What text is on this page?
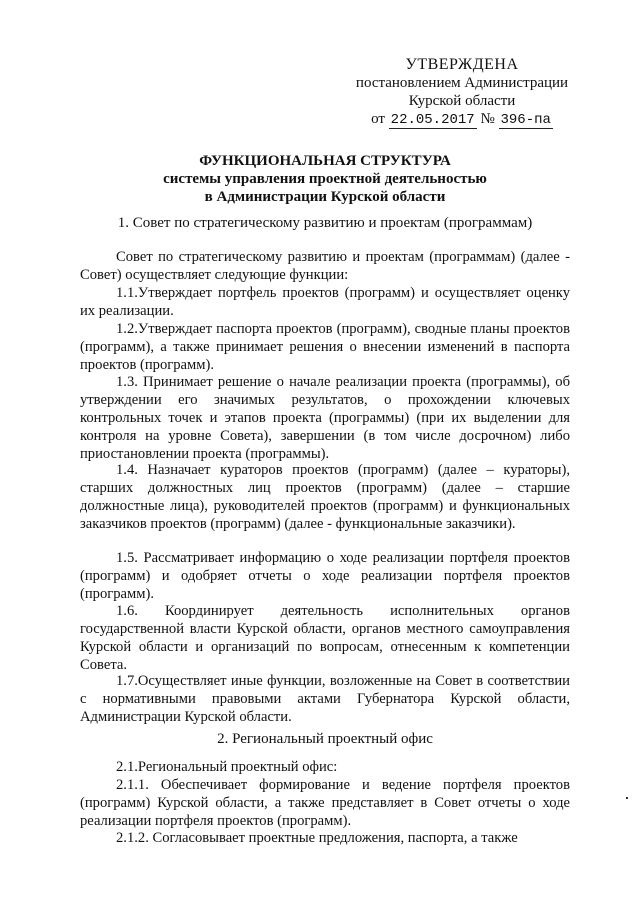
УТВЕРЖДЕНА
постановлением Администрации
Курской области
от 22.05.2017 № 396-па
ФУНКЦИОНАЛЬНАЯ СТРУКТУРА
системы управления проектной деятельностью
в Администрации Курской области
1. Совет по стратегическому развитию и проектам (программам)

Совет по стратегическому развитию и проектам (программам) (далее - Совет) осуществляет следующие функции:

1.1.Утверждает портфель проектов (программ) и осуществляет оценку их реализации.

1.2.Утверждает паспорта проектов (программ), сводные планы проектов (программ), а также принимает решения о внесении изменений в паспорта проектов (программ).

1.3. Принимает решение о начале реализации проекта (программы), об утверждении его значимых результатов, о прохождении ключевых контрольных точек и этапов проекта (программы) (при их выделении для контроля на уровне Совета), завершении (в том числе досрочном) либо приостановлении проекта (программы).

1.4. Назначает кураторов проектов (программ) (далее – кураторы), старших должностных лиц проектов (программ) (далее – старшие должностные лица), руководителей проектов (программ) и функциональных заказчиков проектов (программ) (далее - функциональные заказчики).

1.5. Рассматривает информацию о ходе реализации портфеля проектов (программ) и одобряет отчеты о ходе реализации портфеля проектов (программ).

1.6. Координирует деятельность исполнительных органов государственной власти Курской области, органов местного самоуправления Курской области и организаций по вопросам, отнесенным к компетенции Совета.

1.7.Осуществляет иные функции, возложенные на Совет в соответствии с нормативными правовыми актами Губернатора Курской области, Администрации Курской области.

2. Региональный проектный офис

2.1.Региональный проектный офис:

2.1.1. Обеспечивает формирование и ведение портфеля проектов (программ) Курской области, а также представляет в Совет отчеты о ходе реализации портфеля проектов (программ).

2.1.2. Согласовывает проектные предложения, паспорта, а также
